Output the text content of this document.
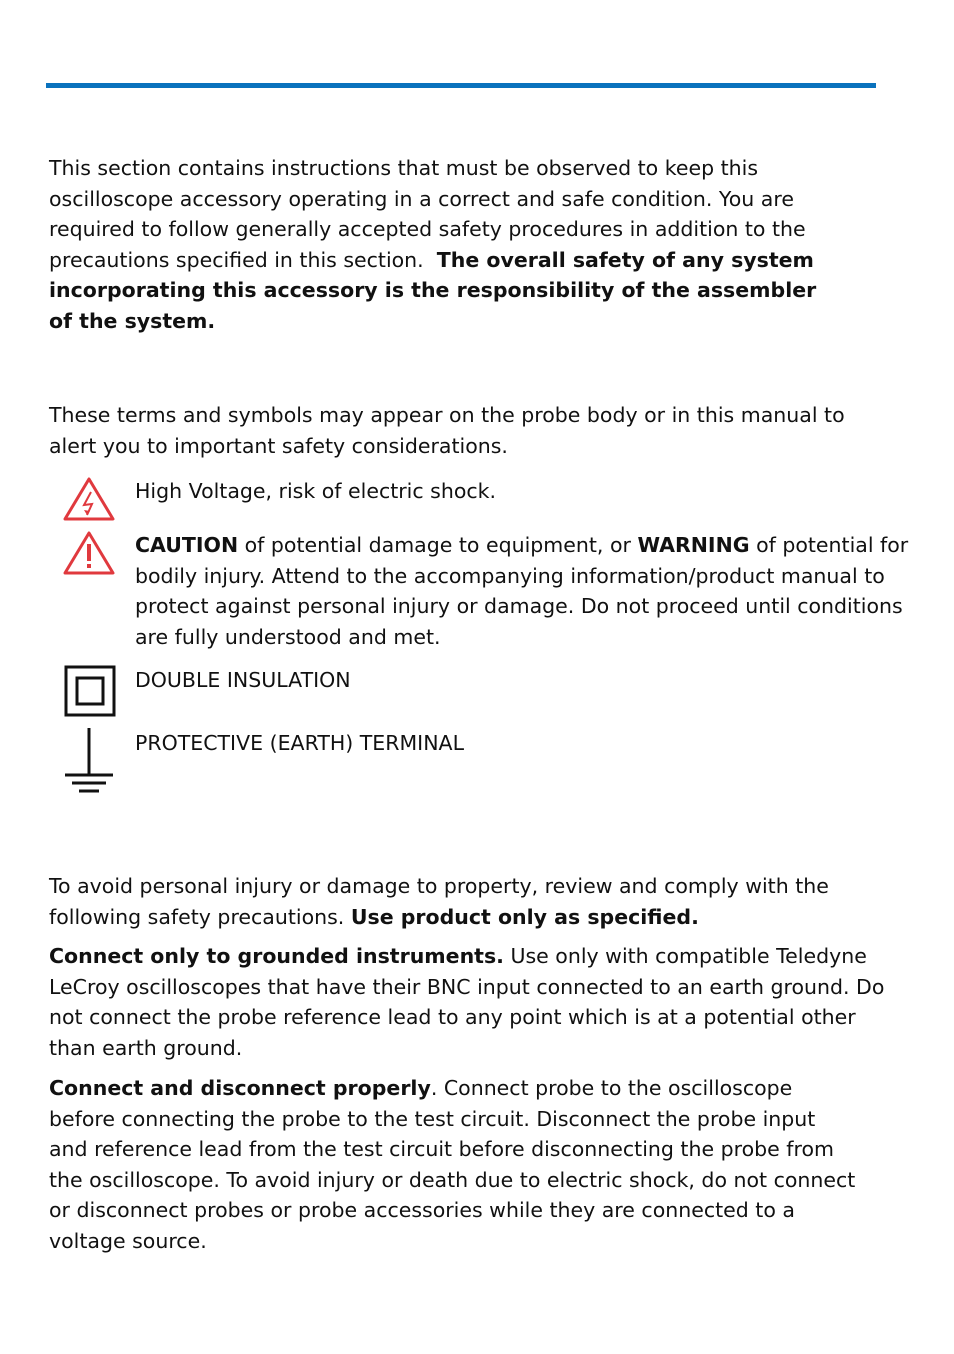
This section contains instructions that must be observed to keep this oscilloscope accessory operating in a correct and safe condition. You are required to follow generally accepted safety procedures in addition to the precautions specified in this section. The overall safety of any system incorporating this accessory is the responsibility of the assembler of the system.

These terms and symbols may appear on the probe body or in this manual to alert you to important safety considerations.

High Voltage, risk of electric shock.

CAUTION of potential damage to equipment, or WARNING of potential for bodily injury. Attend to the accompanying information/product manual to protect against personal injury or damage. Do not proceed until conditions are fully understood and met.

DOUBLE INSULATION

PROTECTIVE (EARTH) TERMINAL

To avoid personal injury or damage to property, review and comply with the following safety precautions. Use product only as specified.

Connect only to grounded instruments. Use only with compatible Teledyne LeCroy oscilloscopes that have their BNC input connected to an earth ground. Do not connect the probe reference lead to any point which is at a potential other than earth ground.

Connect and disconnect properly. Connect probe to the oscilloscope before connecting the probe to the test circuit. Disconnect the probe input and reference lead from the test circuit before disconnecting the probe from the oscilloscope. To avoid injury or death due to electric shock, do not connect or disconnect probes or probe accessories while they are connected to a voltage source.
